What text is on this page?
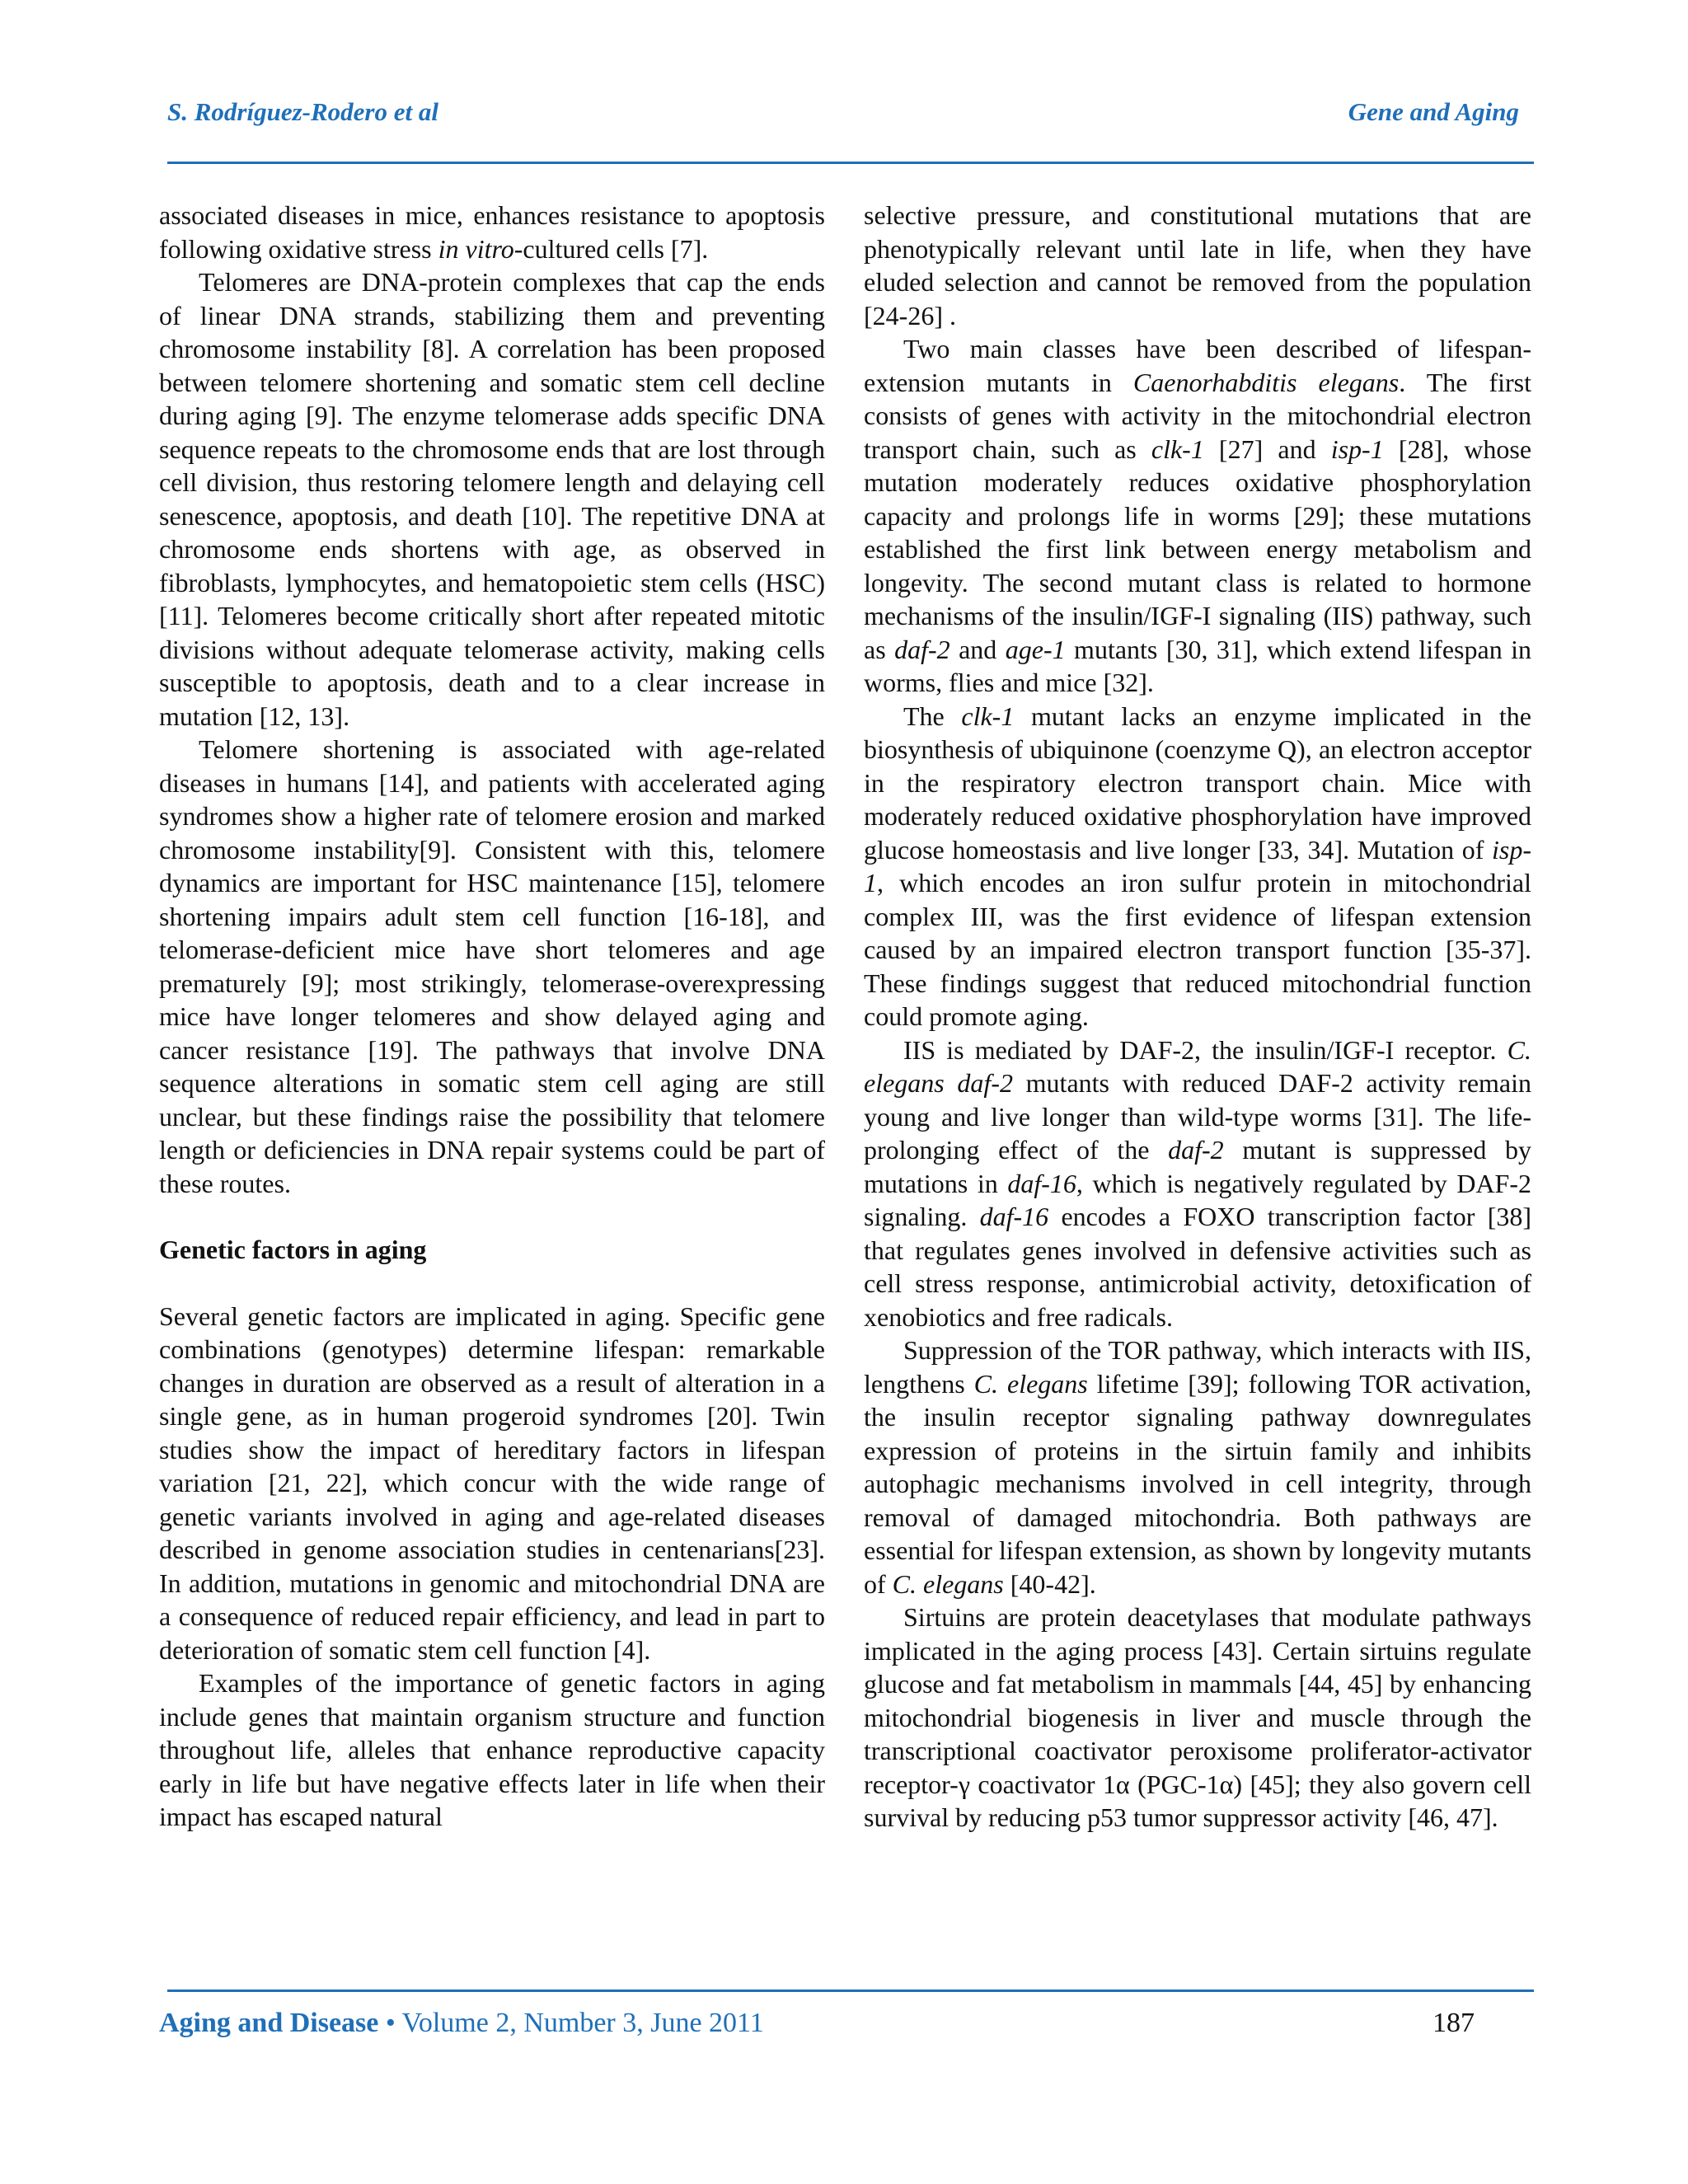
S. Rodríguez-Rodero et al	Gene and Aging

associated diseases in mice, enhances resistance to apoptosis following oxidative stress in vitro-cultured cells [7].

Telomeres are DNA-protein complexes that cap the ends of linear DNA strands, stabilizing them and preventing chromosome instability [8]. A correlation has been proposed between telomere shortening and somatic stem cell decline during aging [9]. The enzyme telomerase adds specific DNA sequence repeats to the chromosome ends that are lost through cell division, thus restoring telomere length and delaying cell senescence, apoptosis, and death [10]. The repetitive DNA at chromosome ends shortens with age, as observed in fibroblasts, lymphocytes, and hematopoietic stem cells (HSC) [11]. Telomeres become critically short after repeated mitotic divisions without adequate telomerase activity, making cells susceptible to apoptosis, death and to a clear increase in mutation [12, 13].

Telomere shortening is associated with age-related diseases in humans [14], and patients with accelerated aging syndromes show a higher rate of telomere erosion and marked chromosome instability[9]. Consistent with this, telomere dynamics are important for HSC maintenance [15], telomere shortening impairs adult stem cell function [16-18], and telomerase-deficient mice have short telomeres and age prematurely [9]; most strikingly, telomerase-overexpressing mice have longer telomeres and show delayed aging and cancer resistance [19]. The pathways that involve DNA sequence alterations in somatic stem cell aging are still unclear, but these findings raise the possibility that telomere length or deficiencies in DNA repair systems could be part of these routes.

Genetic factors in aging

Several genetic factors are implicated in aging. Specific gene combinations (genotypes) determine lifespan: remarkable changes in duration are observed as a result of alteration in a single gene, as in human progeroid syndromes [20]. Twin studies show the impact of hereditary factors in lifespan variation [21, 22], which concur with the wide range of genetic variants involved in aging and age-related diseases described in genome association studies in centenarians[23]. In addition, mutations in genomic and mitochondrial DNA are a consequence of reduced repair efficiency, and lead in part to deterioration of somatic stem cell function [4].

Examples of the importance of genetic factors in aging include genes that maintain organism structure and function throughout life, alleles that enhance reproductive capacity early in life but have negative effects later in life when their impact has escaped natural

selective pressure, and constitutional mutations that are phenotypically relevant until late in life, when they have eluded selection and cannot be removed from the population [24-26] .

Two main classes have been described of lifespan-extension mutants in Caenorhabditis elegans. The first consists of genes with activity in the mitochondrial electron transport chain, such as clk-1 [27] and isp-1 [28], whose mutation moderately reduces oxidative phosphorylation capacity and prolongs life in worms [29]; these mutations established the first link between energy metabolism and longevity. The second mutant class is related to hormone mechanisms of the insulin/IGF-I signaling (IIS) pathway, such as daf-2 and age-1 mutants [30, 31], which extend lifespan in worms, flies and mice [32].

The clk-1 mutant lacks an enzyme implicated in the biosynthesis of ubiquinone (coenzyme Q), an electron acceptor in the respiratory electron transport chain. Mice with moderately reduced oxidative phosphorylation have improved glucose homeostasis and live longer [33, 34]. Mutation of isp-1, which encodes an iron sulfur protein in mitochondrial complex III, was the first evidence of lifespan extension caused by an impaired electron transport function [35-37]. These findings suggest that reduced mitochondrial function could promote aging.

IIS is mediated by DAF-2, the insulin/IGF-I receptor. C. elegans daf-2 mutants with reduced DAF-2 activity remain young and live longer than wild-type worms [31]. The life-prolonging effect of the daf-2 mutant is suppressed by mutations in daf-16, which is negatively regulated by DAF-2 signaling. daf-16 encodes a FOXO transcription factor [38] that regulates genes involved in defensive activities such as cell stress response, antimicrobial activity, detoxification of xenobiotics and free radicals.

Suppression of the TOR pathway, which interacts with IIS, lengthens C. elegans lifetime [39]; following TOR activation, the insulin receptor signaling pathway downregulates expression of proteins in the sirtuin family and inhibits autophagic mechanisms involved in cell integrity, through removal of damaged mitochondria. Both pathways are essential for lifespan extension, as shown by longevity mutants of C. elegans [40-42].

Sirtuins are protein deacetylases that modulate pathways implicated in the aging process [43]. Certain sirtuins regulate glucose and fat metabolism in mammals [44, 45] by enhancing mitochondrial biogenesis in liver and muscle through the transcriptional coactivator peroxisome proliferator-activator receptor-γ coactivator 1α (PGC-1α) [45]; they also govern cell survival by reducing p53 tumor suppressor activity [46, 47].

Aging and Disease • Volume 2, Number 3, June 2011	187
